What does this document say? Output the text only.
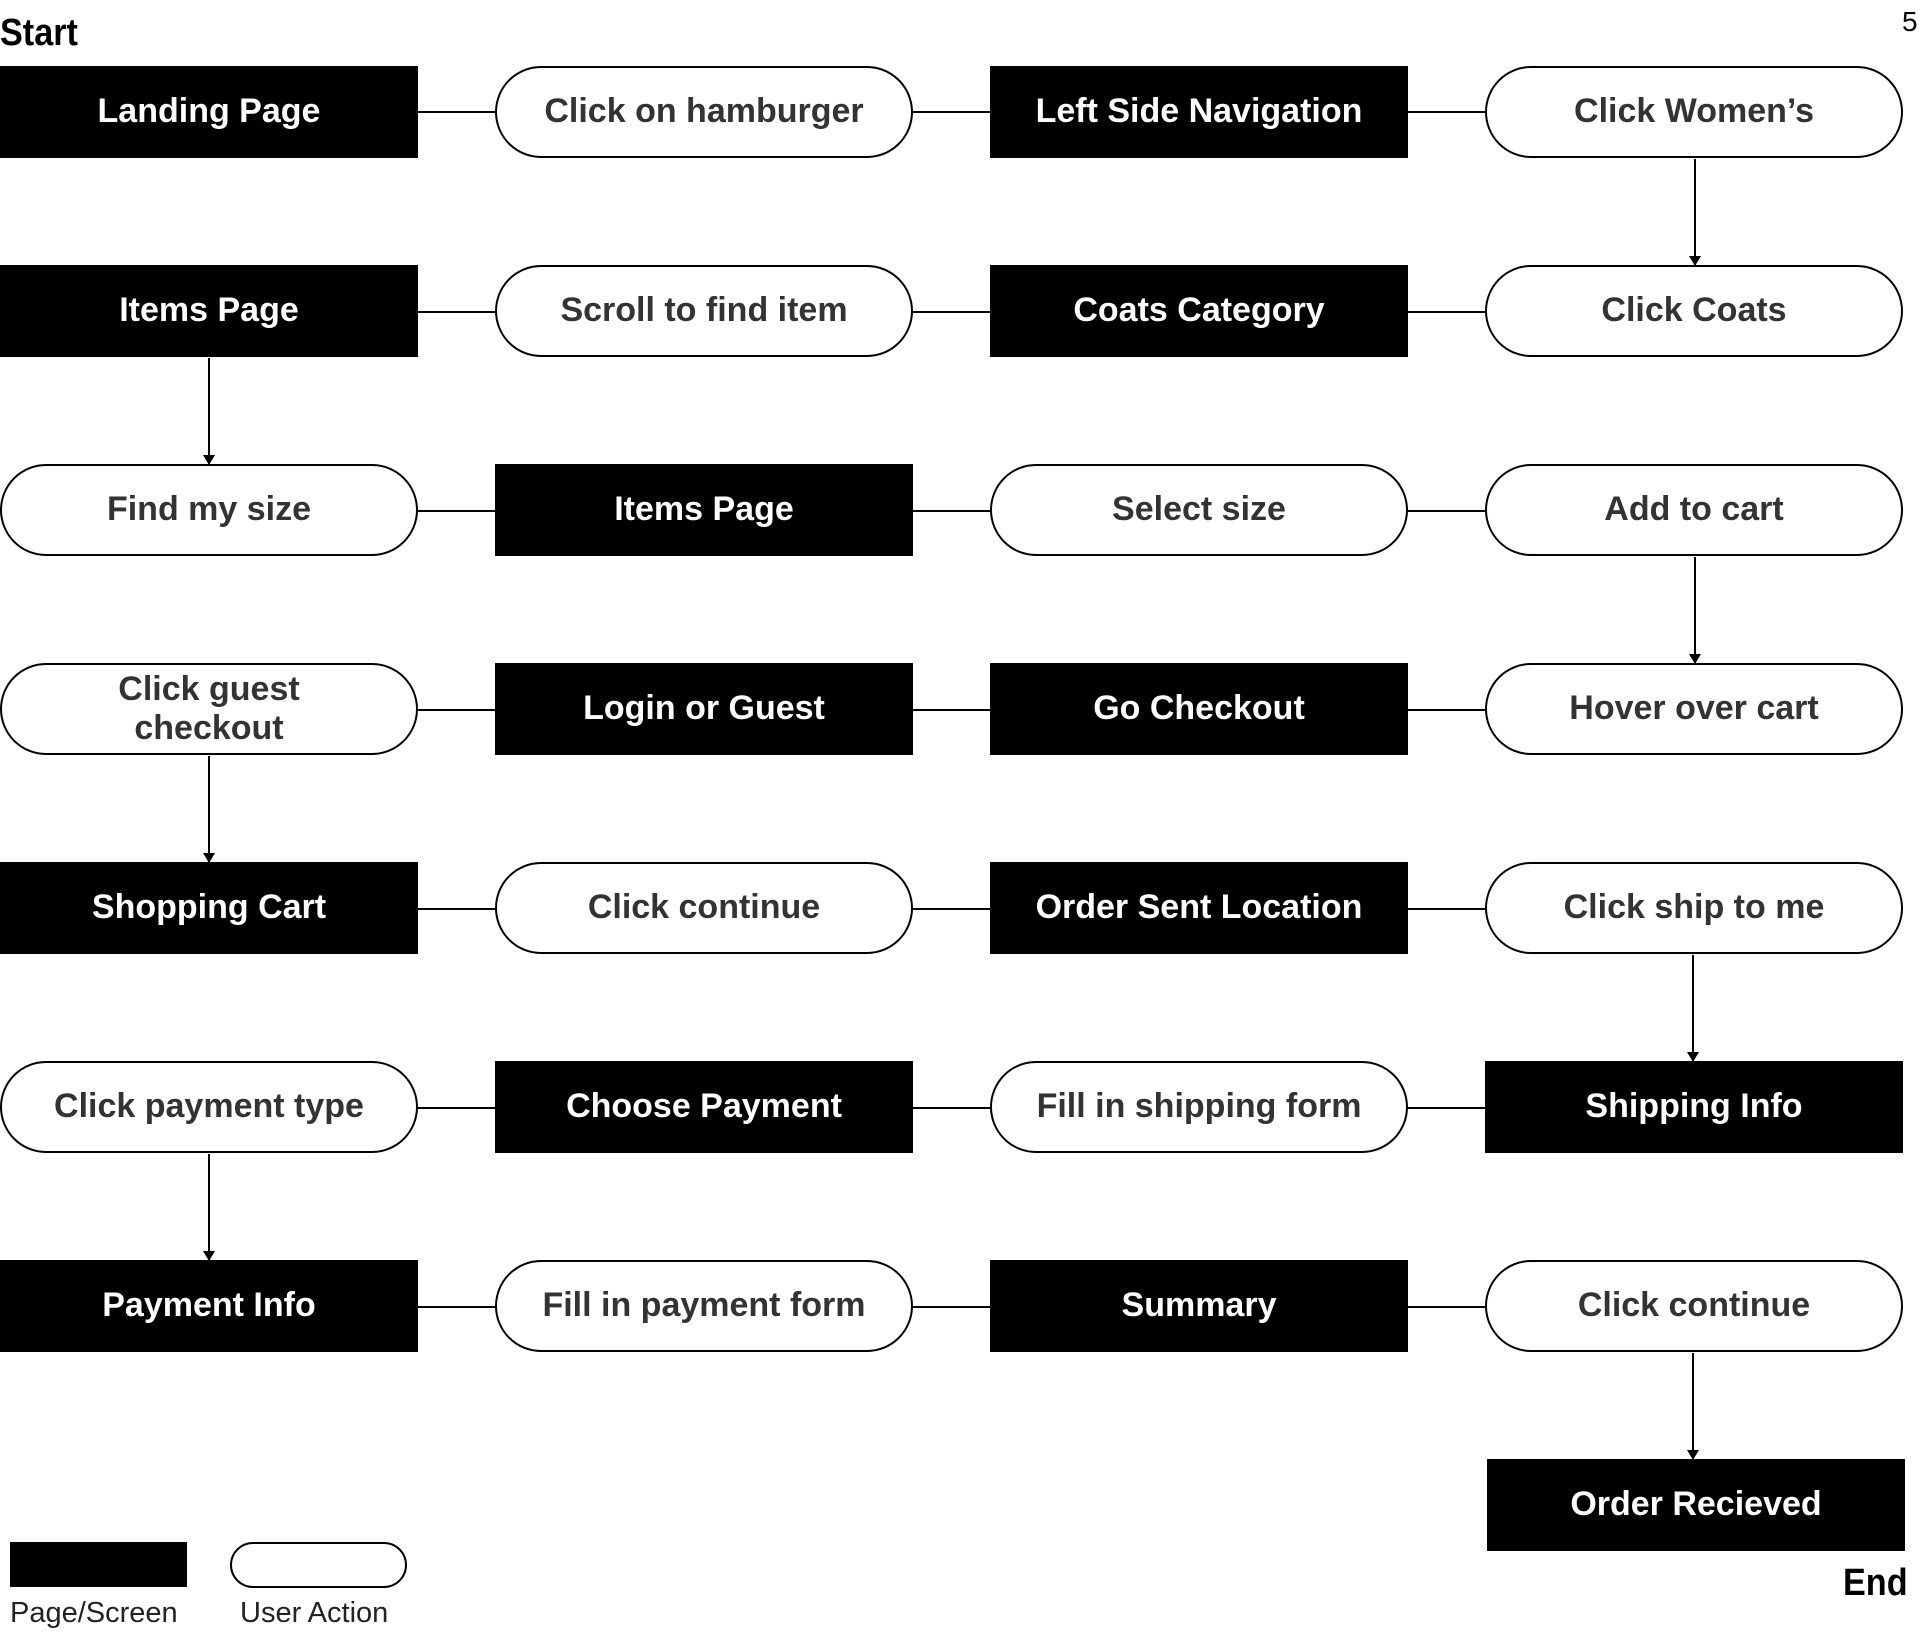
5
Start
End
Landing Page	Click on hamburger	Left Side Navigation	Click Women’s
Items Page	Scroll to find item	Coats Category	Click Coats
Find my size	Items Page	Select size	Add to cart
Click guest checkout
Login or Guest	Go Checkout	Hover over cart
Shopping Cart	Click continue	Order Sent Location	Click ship to me
Click payment type	Choose Payment	Fill in shipping form	Shipping Info
Payment Info	Fill in payment form	Summary	Click continue
Order Recieved
Page/Screen User Action
